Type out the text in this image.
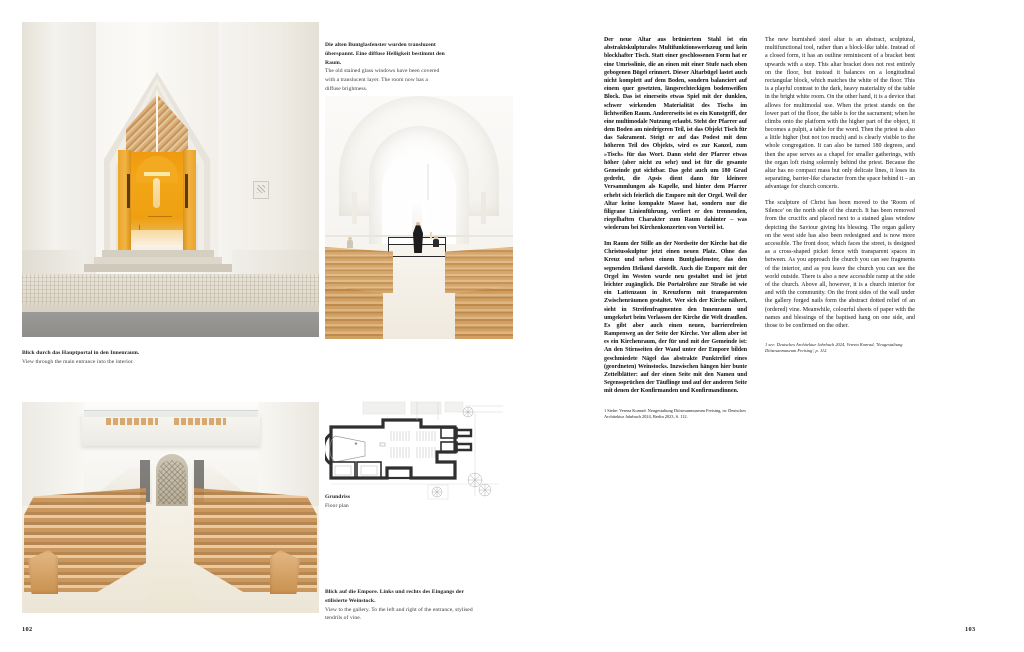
Die alten Buntglasfenster wurden transluzent überspannt. Eine diffuse Helligkeit bestimmt den Raum.
The old stained glass windows have been covered with a translucent layer. The room now has a diffuse brightness.
Blick durch das Hauptportal in den Innenraum.
View through the main entrance into the interior.
Grundriss
Floor plan
Blick auf die Empore. Links und rechts des Eingangs der stilisierte Weinstock.
View to the gallery. To the left and right of the entrance, stylised tendrils of vine.
102

Der neue Altar aus brüniertem Stahl ist ein abstraktskulpturales Multifunktionswerkzeug und kein blockhafter Tisch. Statt einer geschlossenen Form hat er eine Umrisslinie, die an einen mit einer Stufe nach oben gebogenen Bügel erinnert. Dieser Altarbügel lastet auch nicht komplett auf dem Boden, sondern balanciert auf einem quer gesetzten, längsrechteckigen bodenweißen Block. Das ist einerseits etwas Spiel mit der dunklen, schwer wirkenden Materialität des Tischs im lichtweißen Raum. Andererseits ist es ein Kunstgriff, der eine multimodale Nutzung erlaubt. Steht der Pfarrer auf dem Boden am niedrigeren Teil, ist das Objekt Tisch für das Sakrament. Steigt er auf das Podest mit dem höheren Teil des Objekts, wird es zur Kanzel, zum »Tisch« für das Wort. Dann steht der Pfarrer etwas höher (aber nicht zu sehr) und ist für die gesamte Gemeinde gut sichtbar. Das geht auch um 180 Grad gedreht, die Apsis dient dann für kleinere Versammlungen als Kapelle, und hinter dem Pfarrer erhebt sich feierlich die Empore mit der Orgel. Weil der Altar keine kompakte Masse hat, sondern nur die filigrane Linienführung, verliert er den trennenden, riegelhaften Charakter zum Raum dahinter – was wiederum bei Kirchenkonzerten von Vorteil ist.

Im Raum der Stille an der Nordseite der Kirche hat die Christusskulptur jetzt einen neuen Platz. Ohne das Kreuz und neben einem Buntglasfenster, das den segnenden Heiland darstellt. Auch die Empore mit der Orgel im Westen wurde neu gestaltet und ist jetzt leichter zugänglich. Die Portalröhre zur Straße ist wie ein Lattenzaun in Kreuzform mit transparenten Zwischenräumen gestaltet. Wer sich der Kirche nähert, sieht in Streifenfragmenten den Innenraum und umgekehrt beim Verlassen der Kirche die Welt draußen. Es gibt aber auch einen neuen, barrierefreien Rampenweg an der Seite der Kirche. Vor allem aber ist es ein Kirchenraum, der für und mit der Gemeinde ist: An den Stirnseiten der Wand unter der Empore bilden geschmiedete Nägel das abstrakte Punktrelief eines (geordneten) Weinstocks. Inzwischen hängen hier bunte Zettelblätter: auf der einen Seite mit den Namen und Segenssprüchen der Täuflinge und auf der anderen Seite mit denen der Konfirmanden und Konfirmandinnen.

1 Siehe: Verena Konrad: Neugestaltung Diözesanmuseum Freising, in: Deutsches Architektur Jahrbuch 2024, Berlin 2023, S. 112.

The new burnished steel altar is an abstract, sculptural, multifunctional tool, rather than a block-like table. Instead of a closed form, it has an outline reminiscent of a bracket bent upwards with a step. This altar bracket does not rest entirely on the floor, but instead it balances on a longitudinal rectangular block, which matches the white of the floor. This is a playful contrast to the dark, heavy materiality of the table in the bright white room. On the other hand, it is a device that allows for multimodal use. When the priest stands on the lower part of the floor, the table is for the sacrament; when he climbs onto the platform with the higher part of the object, it becomes a pulpit, a table for the word. Then the priest is also a little higher (but not too much) and is clearly visible to the whole congregation. It can also be turned 180 degrees, and then the apse serves as a chapel for smaller gatherings, with the organ loft rising solemnly behind the priest. Because the altar has no compact mass but only delicate lines, it loses its separating, barrier-like character from the space behind it – an advantage for church concerts.

The sculpture of Christ has been moved to the 'Room of Silence' on the north side of the church. It has been removed from the crucifix and placed next to a stained glass window depicting the Saviour giving his blessing. The organ gallery on the west side has also been redesigned and is now more accessible. The front door, which faces the street, is designed as a cross-shaped picket fence with transparent spaces in between. As you approach the church you can see fragments of the interior, and as you leave the church you can see the world outside. There is also a new accessible ramp at the side of the church. Above all, however, it is a church interior for and with the community. On the front sides of the wall under the gallery forged nails form the abstract dotted relief of an (ordered) vine. Meanwhile, colourful sheets of paper with the names and blessings of the baptised hang on one side, and those to be confirmed on the other.

1 see: Deutsches Architektur Jahrbuch 2024, Verena Konrad, 'Neugestaltung Diözesanmuseum Freising', p. 112.

103
